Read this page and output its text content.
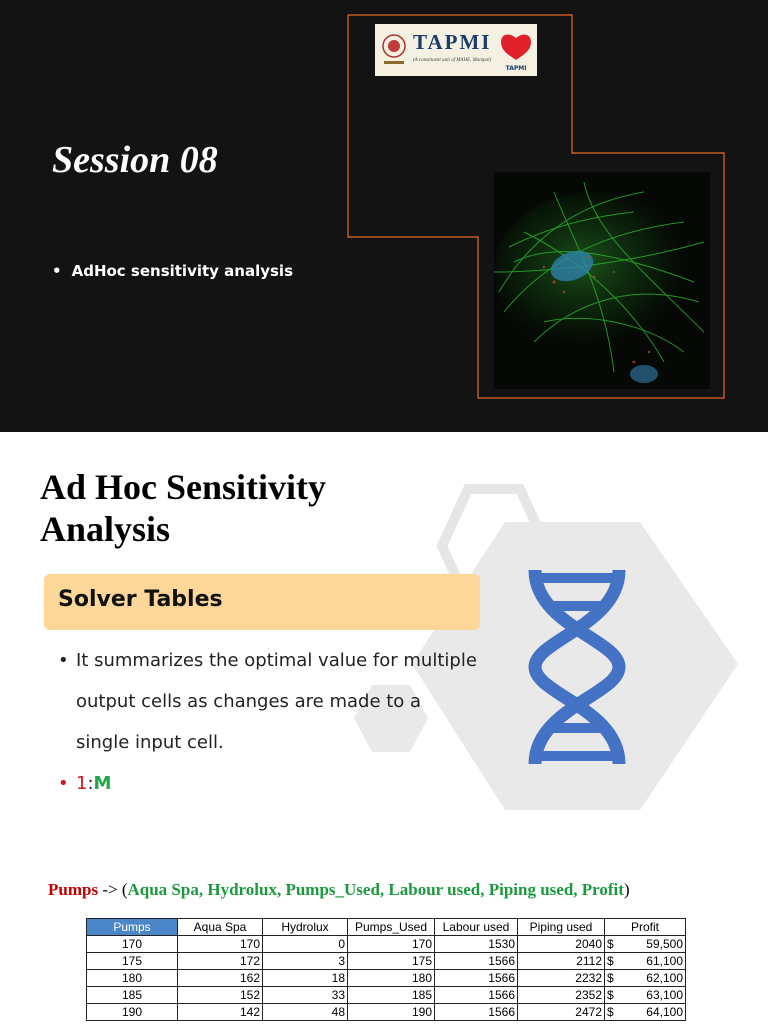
TAPMI
(A constituent unit of MAHE, Manipal)
TAPMI
Session 08
• AdHoc sensitivity analysis
Ad Hoc Sensitivity Analysis
Solver Tables
• It summarizes the optimal value for multiple output cells as changes are made to a single input cell.
• 1:M
Pumps -> (Aqua Spa, Hydrolux, Pumps_Used, Labour used, Piping used, Profit)
Pumps	Aqua Spa	Hydrolux	Pumps_Used	Labour used	Piping used	Profit	
170	170	0	170	1530	2040	$	59,500
175	172	3	175	1566	2112	$	61,100
180	162	18	180	1566	2232	$	62,100
185	152	33	185	1566	2352	$	63,100
190	142	48	190	1566	2472	$	64,100
